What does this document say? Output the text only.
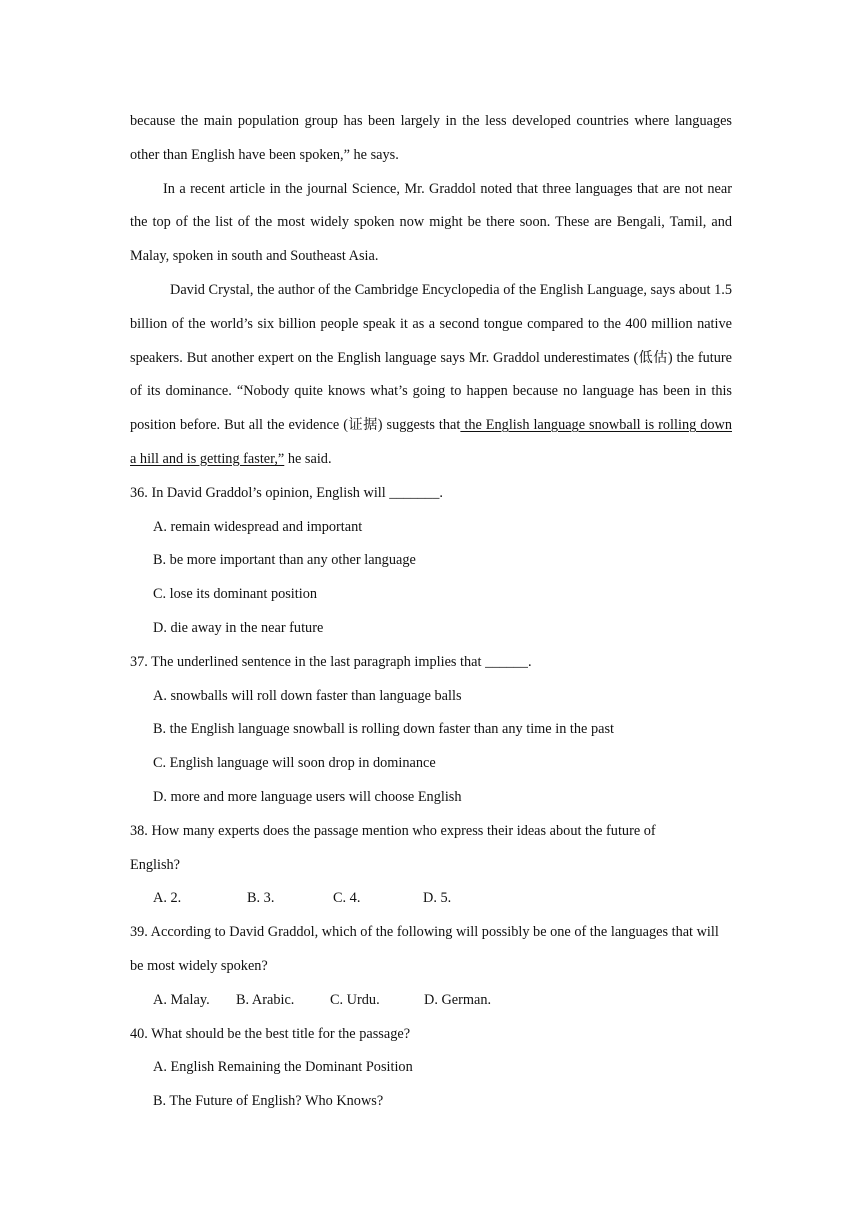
because the main population group has been largely in the less developed countries where languages other than English have been spoken,” he says.

In a recent article in the journal Science, Mr. Graddol noted that three languages that are not near the top of the list of the most widely spoken now might be there soon. These are Bengali, Tamil, and Malay, spoken in south and Southeast Asia.

David Crystal, the author of the Cambridge Encyclopedia of the English Language, says about 1.5 billion of the world’s six billion people speak it as a second tongue compared to the 400 million native speakers. But another expert on the English language says Mr. Graddol underestimates (低估) the future of its dominance. “Nobody quite knows what’s going to happen because no language has been in this position before. But all the evidence (证据) suggests that the English language snowball is rolling down a hill and is getting faster,” he said.

36. In David Graddol’s opinion, English will _______.

A. remain widespread and important

B. be more important than any other language

C. lose its dominant position

D. die away in the near future

37. The underlined sentence in the last paragraph implies that ______.

A. snowballs will roll down faster than language balls

B. the English language snowball is rolling down faster than any time in the past

C. English language will soon drop in dominance

D. more and more language users will choose English

38. How many experts does the passage mention who express their ideas about the future of English?

A. 2.	B. 3.	C. 4.	D. 5.

39. According to David Graddol, which of the following will possibly be one of the languages that will be most widely spoken?

A. Malay. B. Arabic. C. Urdu.	D. German.

40. What should be the best title for the passage?

A. English Remaining the Dominant Position

B. The Future of English? Who Knows?
